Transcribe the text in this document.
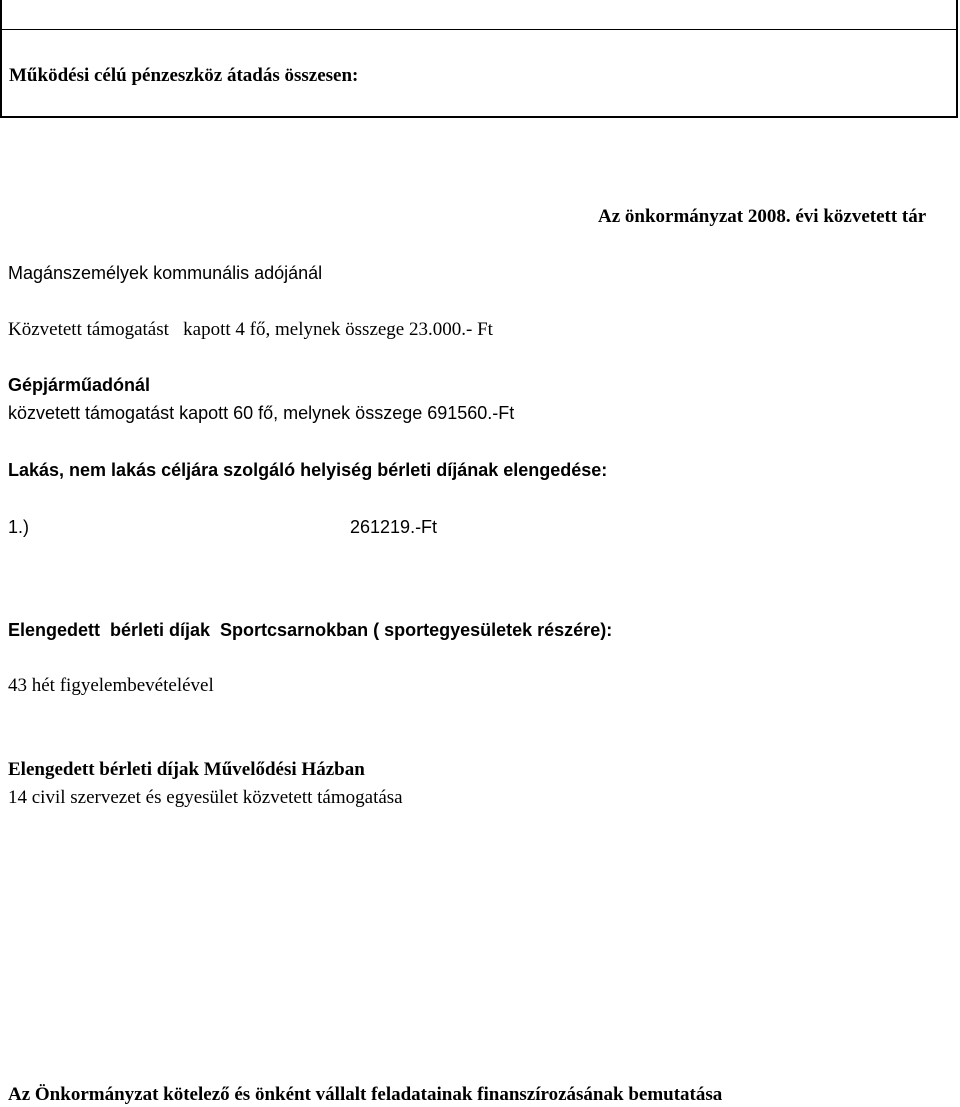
Működési célú pénzeszköz átadás összesen:
Az önkormányzat 2008. évi közvetett tár
Magánszemélyek kommunális adójánál
Közvetett támogatást   kapott 4 fő, melynek összege 23.000.- Ft
Gépjárműadónál
közvetett támogatást kapott 60 fő, melynek összege 691560.-Ft
Lakás, nem lakás céljára szolgáló helyiség bérleti díjának elengedése:
1.)	261219.-Ft
Elengedett  bérleti díjak  Sportcsarnokban ( sportegyesületek részére):
43 hét figyelembevételével
Elengedett bérleti díjak Művelődési Házban
14 civil szervezet és egyesület közvetett támogatása
Az Önkormányzat kötelező és önként vállalt feladatainak finanszírozásának bemutatása
